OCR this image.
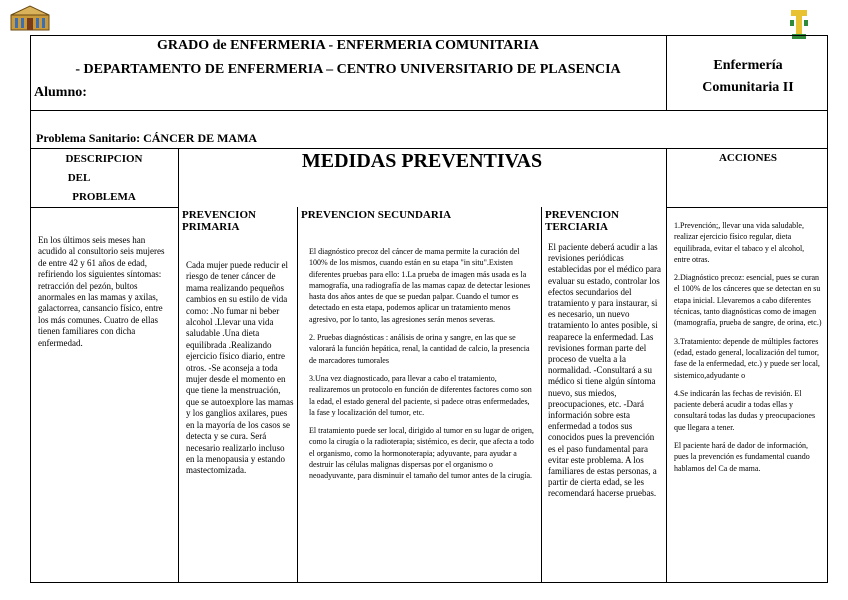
GRADO de ENFERMERIA - ENFERMERIA COMUNITARIA
- DEPARTAMENTO DE ENFERMERIA – CENTRO UNIVERSITARIO DE PLASENCIA
Alumno:
Enfermería
Comunitaria II
Problema Sanitario: CÁNCER DE MAMA
DESCRIPCION
DEL
PROBLEMA
MEDIDAS PREVENTIVAS	ACCIONES
PREVENCION
PRIMARIA
PREVENCION SECUNDARIA	PREVENCION
TERCIARIA
En los últimos seis meses han acudido al consultorio seis mujeres de entre 42 y 61 años de edad, refiriendo los siguientes síntomas: retracción del pezón, bultos anormales en las mamas y axilas, galactorrea, cansancio físico, entre los más comunes. Cuatro de ellas tienen familiares con dicha enfermedad.
Cada mujer puede reducir el riesgo de tener cáncer de mama realizando pequeños cambios en su estilo de vida como: .No fumar ni beber alcohol .Llevar una vida saludable .Una dieta equilibrada .Realizando ejercicio físico diario, entre otros. -Se aconseja a toda mujer desde el momento en que tiene la menstruación, que se autoexplore las mamas y los ganglios axilares, pues en la mayoría de los casos se detecta y se cura. Será necesario realizarlo incluso en la menopausia y estando mastectomizada.

El diagnóstico precoz del cáncer de mama permite la curación del 100% de los mismos, cuando están en su etapa "in situ".Existen diferentes pruebas para ello: 1.La prueba de imagen más usada es la mamografía, una radiografía de las mamas capaz de detectar lesiones hasta dos años antes de que se puedan palpar. Cuando el tumor es detectado en esta etapa, podemos aplicar un tratamiento menos agresivo, por lo tanto, las agresiones serán menos severas.

2. Pruebas diagnósticas : análisis de orina y sangre, en las que se valorará la función hepática, renal, la cantidad de calcio, la presencia de marcadores tumorales

3.Una vez diagnosticado, para llevar a cabo el tratamiento, realizaremos un protocolo en función de diferentes factores como son la edad, el estado general del paciente, si padece otras enfermedades, la fase y localización del tumor, etc.

El tratamiento puede ser local, dirigido al tumor en su lugar de origen, como la cirugía o la radioterapia; sistémico, es decir, que afecta a todo el organismo, como la hormonoterapia; adyuvante, para ayudar a destruir las células malignas dispersas por el organismo o neoadyuvante, para disminuir el tamaño del tumor antes de la cirugía.

El paciente deberá acudir a las revisiones periódicas establecidas por el médico para evaluar su estado, controlar los efectos secundarios del tratamiento y para instaurar, si es necesario, un nuevo tratamiento lo antes posible, si reaparece la enfermedad. Las revisiones forman parte del proceso de vuelta a la normalidad. -Consultará a su médico si tiene algún síntoma nuevo, sus miedos, preocupaciones, etc. -Dará información sobre esta enfermedad a todos sus conocidos pues la prevención es el paso fundamental para evitar este problema. A los familiares de estas personas, a partir de cierta edad, se les recomendará hacerse pruebas.

1.Prevención;, llevar una vida saludable, realizar ejercicio físico regular, dieta equilibrada, evitar el tabaco y el alcohol, entre otras.

2.Diagnóstico precoz: esencial, pues se curan el 100% de los cánceres que se detectan en su etapa inicial. Llevaremos a cabo diferentes técnicas, tanto diagnósticas como de imagen (mamografía, prueba de sangre, de orina, etc.)

3.Tratamiento: depende de múltiples factores (edad, estado general, localización del tumor, fase de la enfermedad, etc.) y puede ser local, sistemico,adyudante o

4.Se indicarán las fechas de revisión. El paciente deberá acudir a todas ellas y consultará todas las dudas y preocupaciones que llegara a tener.

El paciente hará de dador de información, pues la prevención es fundamental cuando hablamos del Ca de mama.
